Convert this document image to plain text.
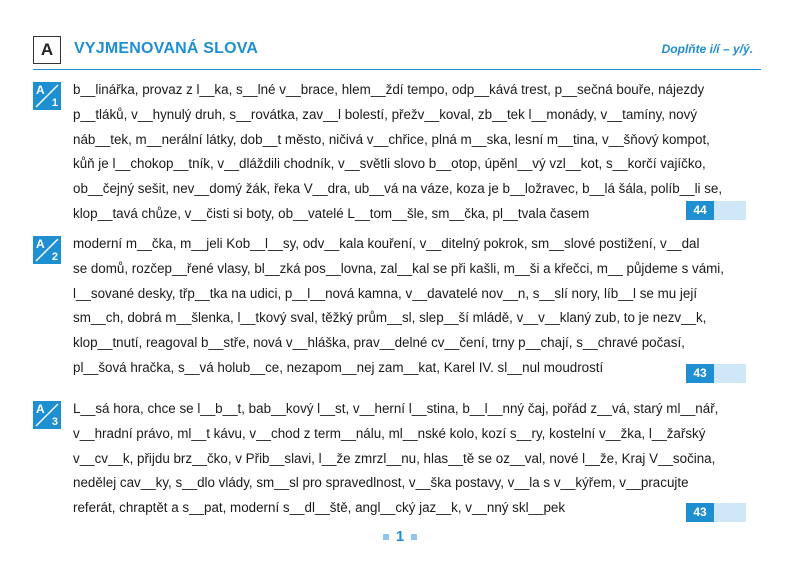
A	VYJMENOVANÁ SLOVA	Doplňte i/í – y/ý.
A
1
b__linářka, provaz z l__ka, s__lné v__brace, hlem__ždí tempo, odp__kává trest, p__sečná bouře, nájezdy
p__tláků, v__hynulý druh, s__rovátka, zav__l bolestí, přežv__koval, zb__tek l__monády, v__tamíny, nový
náb__tek, m__nerální látky, dob__t město, ničivá v__chřice, plná m__ska, lesní m__tina, v__šňový kompot,
kůň je l__chokop__tník, v__dláždili chodník, v__světli slovo b__otop, úpěnl__vý vzl__kot, s__korčí vajíčko,
ob__čejný sešit, nev__domý žák, řeka V__dra, ub__vá na váze, koza je b__ložravec, b__lá šála, políb__li se,
klop__tavá chůze, v__čisti si boty, ob__vatelé L__tom__šle, sm__čka, pl__tvala časem
A
2
moderní m__čka, m__jeli Kob__l__sy, odv__kala kouření, v__ditelný pokrok, sm__slové postižení, v__dal
se domů, rozčep__řené vlasy, bl__zká pos__lovna, zal__kal se při kašli, m__ši a křečci, m__ půjdeme s vámi,
l__sované desky, třp__tka na udici, p__l__nová kamna, v__davatelé nov__n, s__slí nory, líb__l se mu její
sm__ch, dobrá m__šlenka, l__tkový sval, těžký prům__sl, slep__ší mládě, v__v__klaný zub, to je nezv__k,
klop__tnutí, reagoval b__stře, nová v__hláška, prav__delné cv__čení, trny p__chají, s__chravé počasí,
pl__šová hračka, s__vá holub__ce, nezapom__nej zam__kat, Karel IV. sl__nul moudrostí
A
3
L__sá hora, chce se l__b__t, bab__kový l__st, v__herní l__stina, b__l__nný čaj, pořád z__vá, starý ml__nář,
v__hradní právo, ml__t kávu, v__chod z term__nálu, ml__nské kolo, kozí s__ry, kostelní v__žka, l__žařský
v__cv__k, přijdu brz__čko, v Přib__slavi, l__že zmrzl__nu, hlas__tě se oz__val, nové l__že, Kraj V__sočina,
nedělej cav__ky, s__dlo vlády, sm__sl pro spravedlnost, v__ška postavy, v__la s v__kýřem, v__pracujte
referát, chraptět a s__pat, moderní s__dl__ště, angl__cký jaz__k, v__nný skl__pek
1
44
43
43
